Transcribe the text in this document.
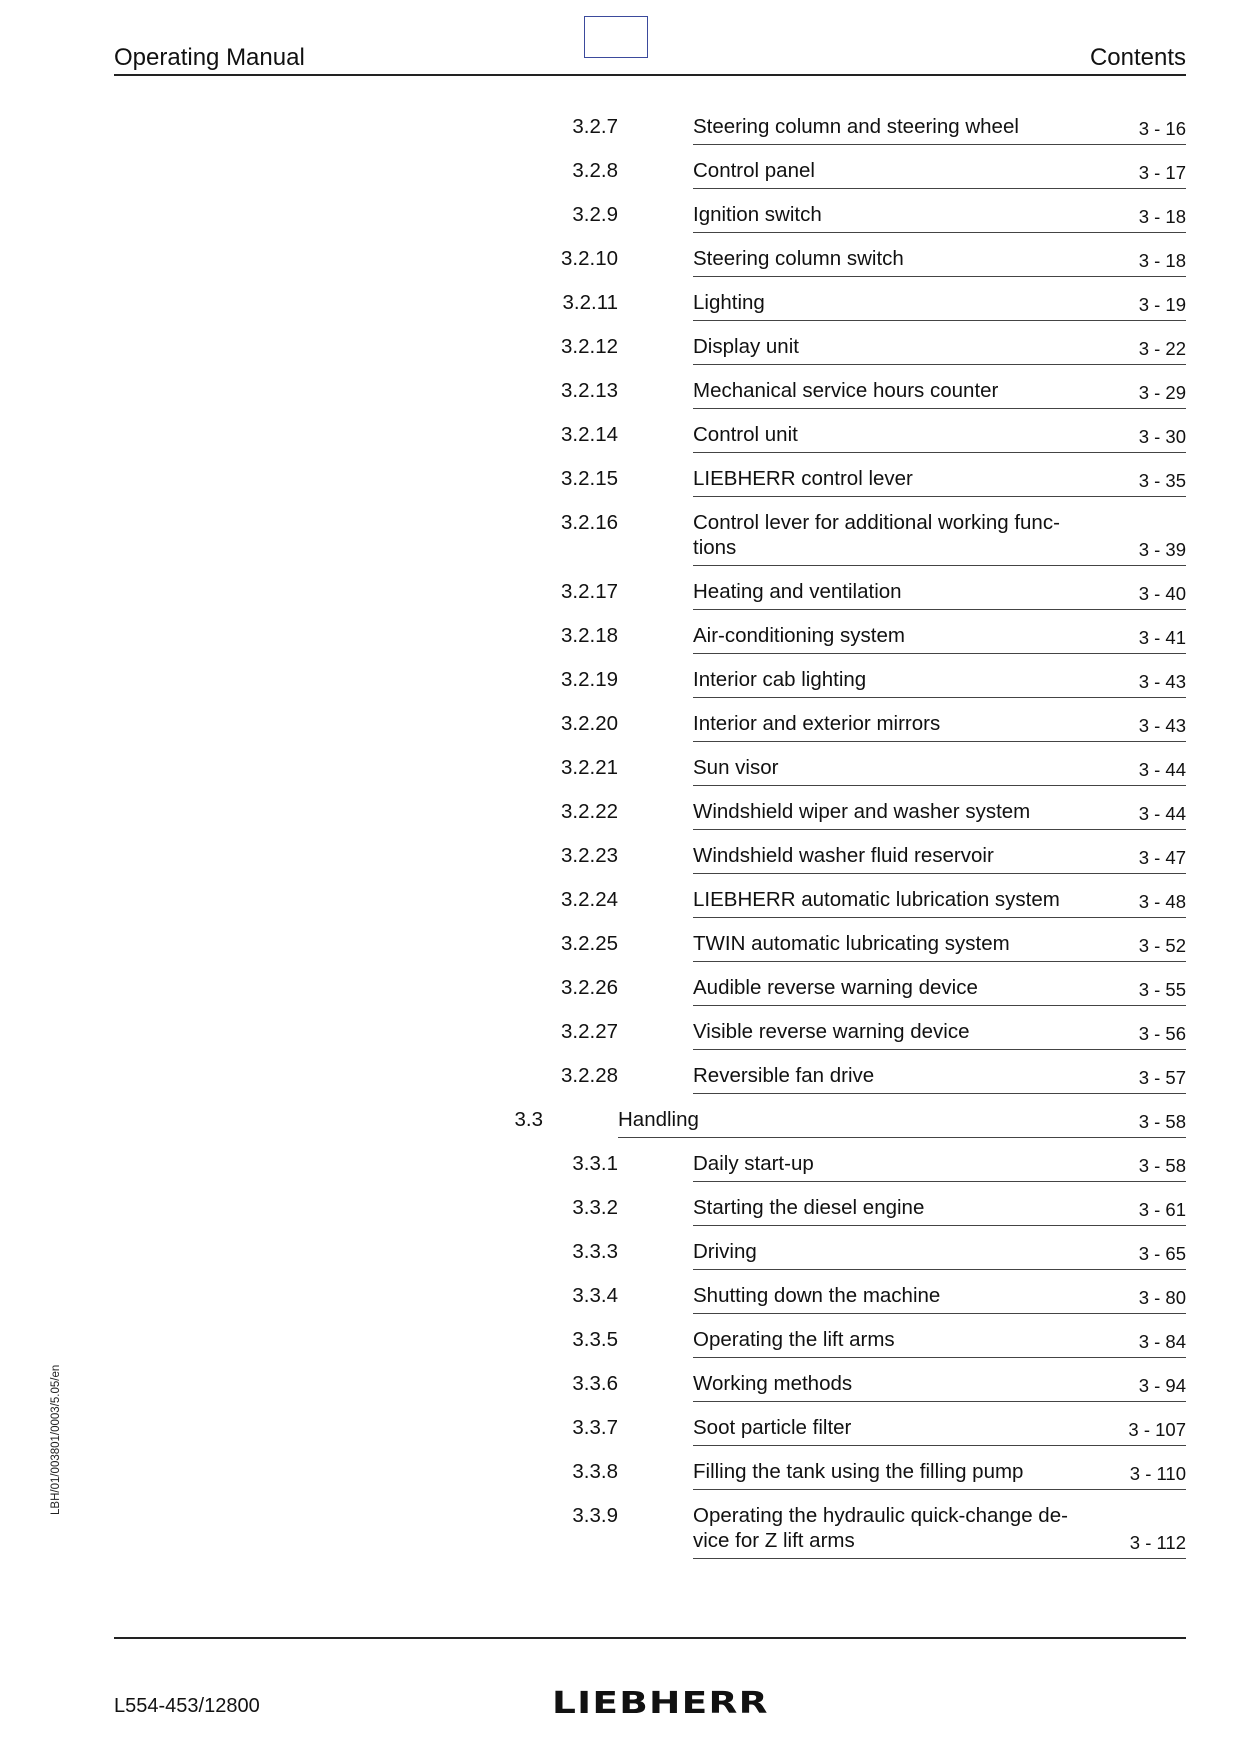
Operating Manual	Contents
3.2.7	Steering column and steering wheel	3 - 16
3.2.8	Control panel	3 - 17
3.2.9	Ignition switch	3 - 18
3.2.10	Steering column switch	3 - 18
3.2.11	Lighting	3 - 19
3.2.12	Display unit	3 - 22
3.2.13	Mechanical service hours counter	3 - 29
3.2.14	Control unit	3 - 30
3.2.15	LIEBHERR control lever	3 - 35
3.2.16	Control lever for additional working func-
tions	3 - 39
3.2.17	Heating and ventilation	3 - 40
3.2.18	Air-conditioning system	3 - 41
3.2.19	Interior cab lighting	3 - 43
3.2.20	Interior and exterior mirrors	3 - 43
3.2.21	Sun visor	3 - 44
3.2.22	Windshield wiper and washer system	3 - 44
3.2.23	Windshield washer fluid reservoir	3 - 47
3.2.24	LIEBHERR automatic lubrication system	3 - 48
3.2.25	TWIN automatic lubricating system	3 - 52
3.2.26	Audible reverse warning device	3 - 55
3.2.27	Visible reverse warning device	3 - 56
3.2.28	Reversible fan drive	3 - 57
3.3	Handling	3 - 58
3.3.1	Daily start-up	3 - 58
3.3.2	Starting the diesel engine	3 - 61
3.3.3	Driving	3 - 65
3.3.4	Shutting down the machine	3 - 80
3.3.5	Operating the lift arms	3 - 84
3.3.6	Working methods	3 - 94
3.3.7	Soot particle filter	3 - 107
3.3.8	Filling the tank using the filling pump	3 - 110
3.3.9	Operating the hydraulic quick-change de-
vice for Z lift arms	3 - 112
LBH/01/003801/0003/5.05/en
L554-453/12800	LIEBHERR
